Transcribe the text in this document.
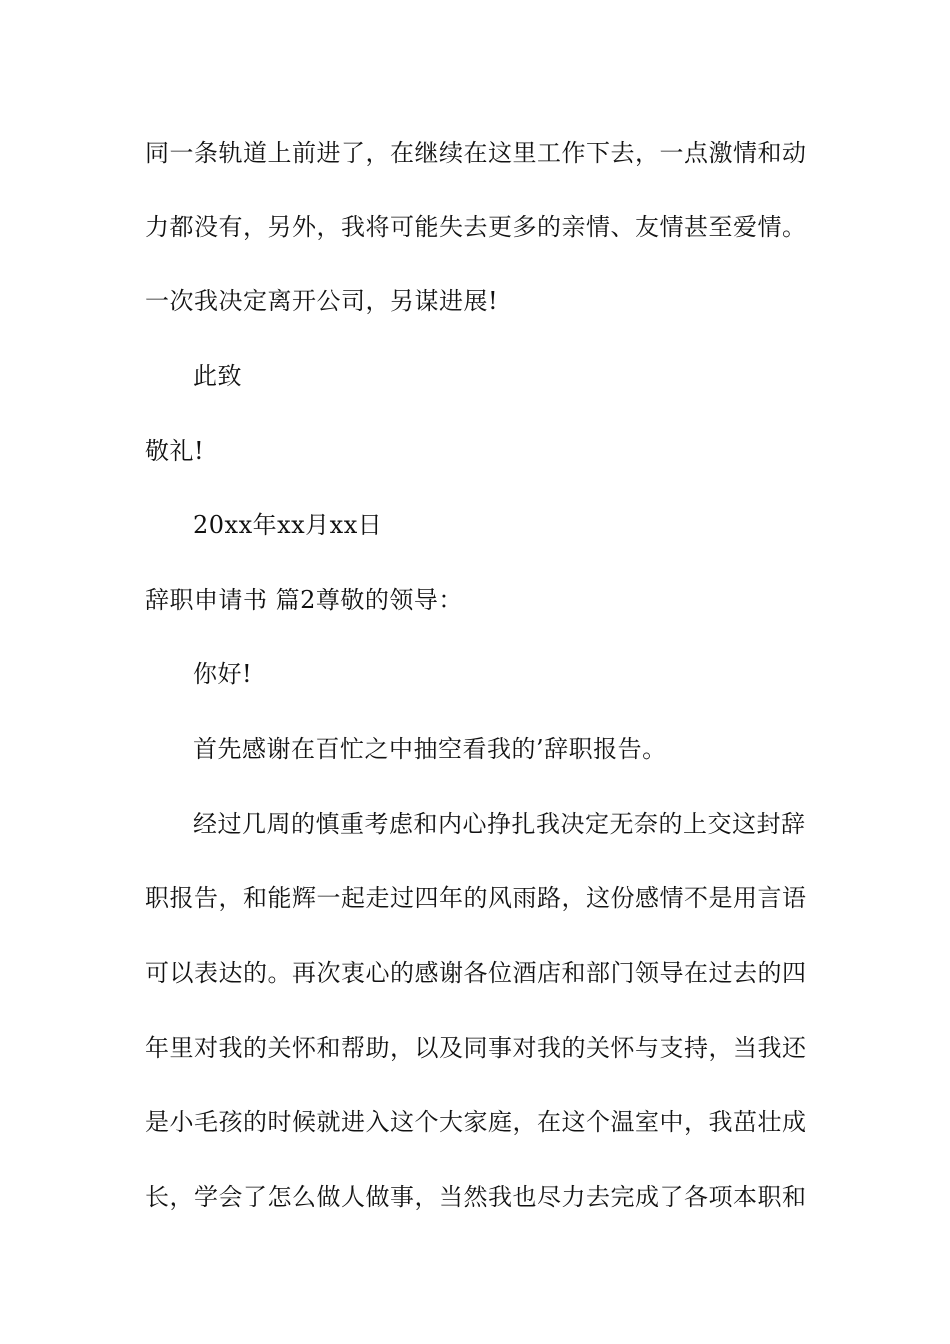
同一条轨道上前进了，在继续在这里工作下去，一点激情和动
力都没有，另外，我将可能失去更多的亲情、友情甚至爱情。
一次我决定离开公司，另谋进展!
此致
敬礼!
20xx年xx月xx日
辞职申请书 篇2尊敬的领导：
你好!
首先感谢在百忙之中抽空看我的’辞职报告。
经过几周的慎重考虑和内心挣扎我决定无奈的上交这封辞
职报告，和能辉一起走过四年的风雨路，这份感情不是用言语
可以表达的。再次衷心的感谢各位酒店和部门领导在过去的四
年里对我的关怀和帮助，以及同事对我的关怀与支持，当我还
是小毛孩的时候就进入这个大家庭，在这个温室中，我茁壮成
长，学会了怎么做人做事，当然我也尽力去完成了各项本职和
